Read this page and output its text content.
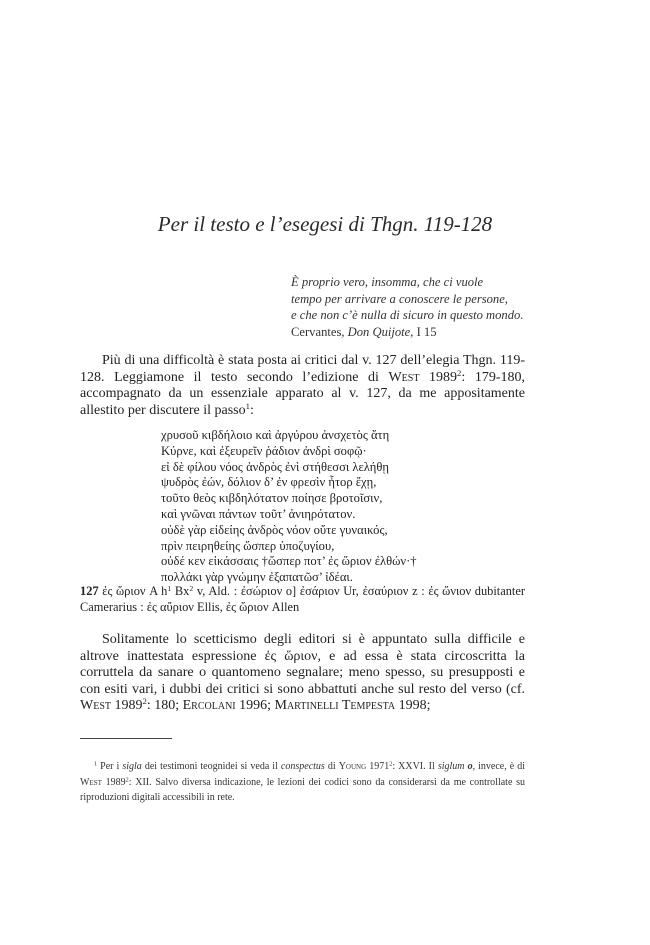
Per il testo e l’esegesi di Thgn. 119-128
È proprio vero, insomma, che ci vuole
tempo per arrivare a conoscere le persone,
e che non c’è nulla di sicuro in questo mondo.
Cervantes, Don Quijote, I 15
Più di una difficoltà è stata posta ai critici dal v. 127 dell’elegia Thgn. 119-128. Leggiamone il testo secondo l’edizione di West 1989$^2$: 179-180, accompagnato da un essenziale apparato al v. 127, da me appositamente allestito per discutere il passo$^1$:
χρυσοῦ κιβδήλοιο καὶ ἀργύρου ἀνσχετὸς ἄτη
Κύρνε, καὶ ἐξευρεῖν ῥάδιον ἀνδρὶ σοφῷ·
εἰ δὲ φίλου νόος ἀνδρὸς ἐνὶ στήθεσσι λελήθῃ
ψυδρὸς ἐών, δόλιον δ’ ἐν φρεσὶν ἦτορ ἔχῃ,
τοῦτο θεὸς κιβδηλότατον ποίησε βροτοῖσιν,
καὶ γνῶναι πάντων τοῦτ’ ἀνιηρότατον.
οὐδὲ γὰρ εἰδείης ἀνδρὸς νόον οὔτε γυναικός,
πρὶν πειρηθείης ὥσπερ ὑποζυγίου,
οὐδέ κεν εἰκάσσαις †ὥσπερ ποτ’ ἐς ὥριον ἐλθών·†
πολλάκι γὰρ γνώμην ἐξαπατῶσ’ ἰδέαι.
127 ἐς ὥριον A $h^1$ Bx$^2$ v, Ald. : ἐσώριον o] ἐσάριον Ur, ἐσαύριον z : ἐς ὤνιον dubitanter Camerarius : ἐς αὔριον Ellis, ἐς ὥριον Allen
Solitamente lo scetticismo degli editori si è appuntato sulla difficile e altrove inattestata espressione ἐς ὥριον, e ad essa è stata circoscritta la corruttela da sanare o quantomeno segnalare; meno spesso, su presupposti e con esiti vari, i dubbi dei critici si sono abbattuti anche sul resto del verso (cf. West 1989$^2$: 180; Ercolani 1996; Martinelli Tempesta 1998;
$^1$ Per i sigla dei testimoni teognidei si veda il conspectus di Young 1971$^2$: XXVI. Il siglum o, invece, è di West 1989$^2$: XII. Salvo diversa indicazione, le lezioni dei codici sono da considerarsi da me controllate su riproduzioni digitali accessibili in rete.
